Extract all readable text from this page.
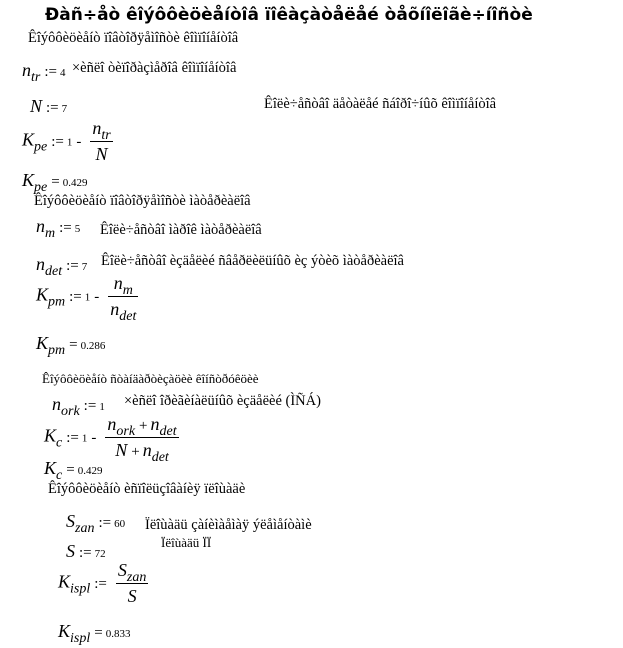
Đàñ÷åò êîýôôèöèåíòîâ ïîêàçàòåëåé òåõíîëîãè÷íîñòè
Êîýôôèöèåíò ïîâòîðÿåìîñòè êîìïîíåíòîâ
$n_{tr}$ := 4 ×èñëî òèïîðàçìåðîâ êîìïîíåíòîâ
N := 7	Êîëè÷åñòâî äåòàëåé ñáîðî÷íûõ êîìïîíåíòîâ
$K_{pe}$ := $1 - \frac{n_{tr}}{N}$
$K_{pe} = 0.429$
Êîýôôèöèåíò ïîâòîðÿåìîñòè ìàòåðèàëîâ
$n_m$ := 5 Êîëè÷åñòâî ìàðîê ìàòåðèàëîâ
$n_{det}$ := 7 Êîëè÷åñòâî èçäåëèé ñâåðëèëüíûõ èç ýòèõ ìàòåðèàëîâ
$K_{pm}$ := $1 - \frac{n_m}{n_{det}}$
$K_{pm} = 0.286$
Êîýôôèöèåíò ñòàíäàðòèçàöèè êîíñòðóêöèè
$n_{ork}$ := 1 ×èñëî îðèãèíàëüíûõ èçäåëèé (ÌÑÁ)
$K_c$ := $1 - \frac{n_{ork} + n_{det}}{N + n_{det}}$
$K_c = 0.429$
Êîýôôèöèåíò èñïîëüçîâàíèÿ ïëîùàäè
$S_{zan}$ := 60 Ïëîùàäü çàíèìàåìàÿ ýëåìåíòàìè
S := 72
Ïëîùàäü ÏÏ
$K_{ispl}$ := $\frac{S_{zan}}{S}$
$K_{ispl} = 0.833$
